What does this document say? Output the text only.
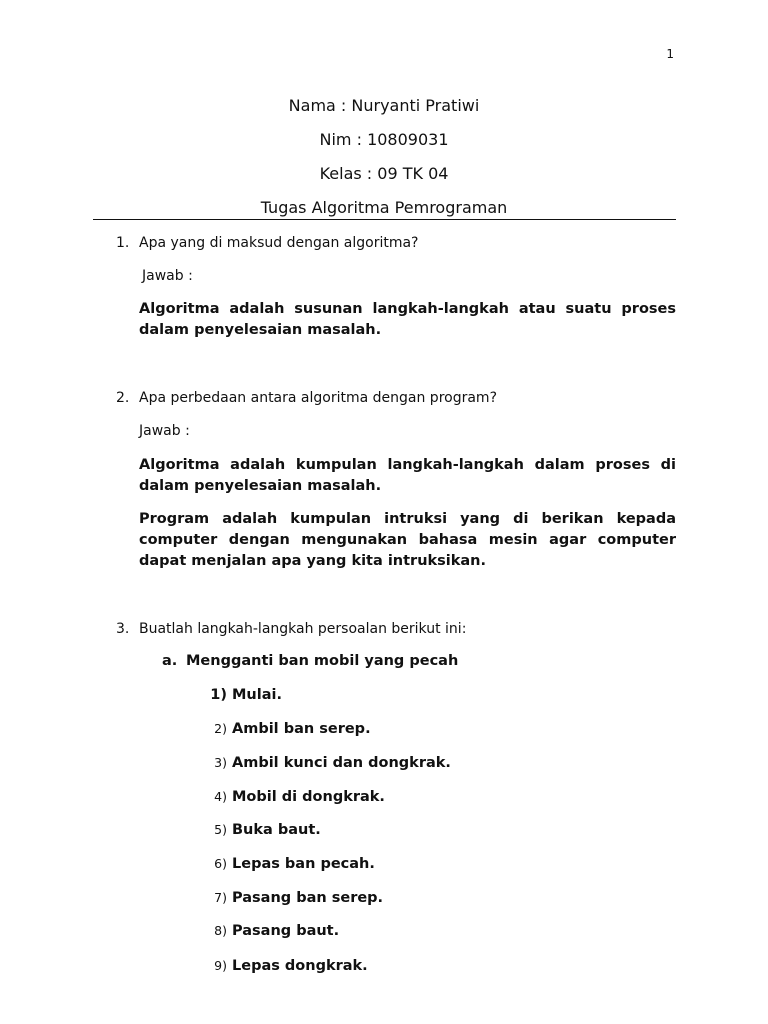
1
Nama : Nuryanti Pratiwi
Nim : 10809031
Kelas : 09 TK 04
Tugas Algoritma Pemrograman
1. Apa yang di maksud dengan algoritma?
Jawab :
Algoritma adalah susunan langkah-langkah atau suatu proses dalam penyelesaian masalah.
2. Apa perbedaan antara algoritma dengan program?
Jawab :
Algoritma adalah kumpulan langkah-langkah dalam proses di dalam penyelesaian masalah.
Program adalah kumpulan intruksi yang di berikan kepada computer dengan mengunakan bahasa mesin agar computer dapat menjalan apa yang kita intruksikan.
3. Buatlah langkah-langkah persoalan berikut ini:
a. Mengganti ban mobil yang pecah
1) Mulai.
2) Ambil ban serep.
3) Ambil kunci dan dongkrak.
4) Mobil di dongkrak.
5) Buka baut.
6) Lepas ban pecah.
7) Pasang ban serep.
8) Pasang baut.
9) Lepas dongkrak.
